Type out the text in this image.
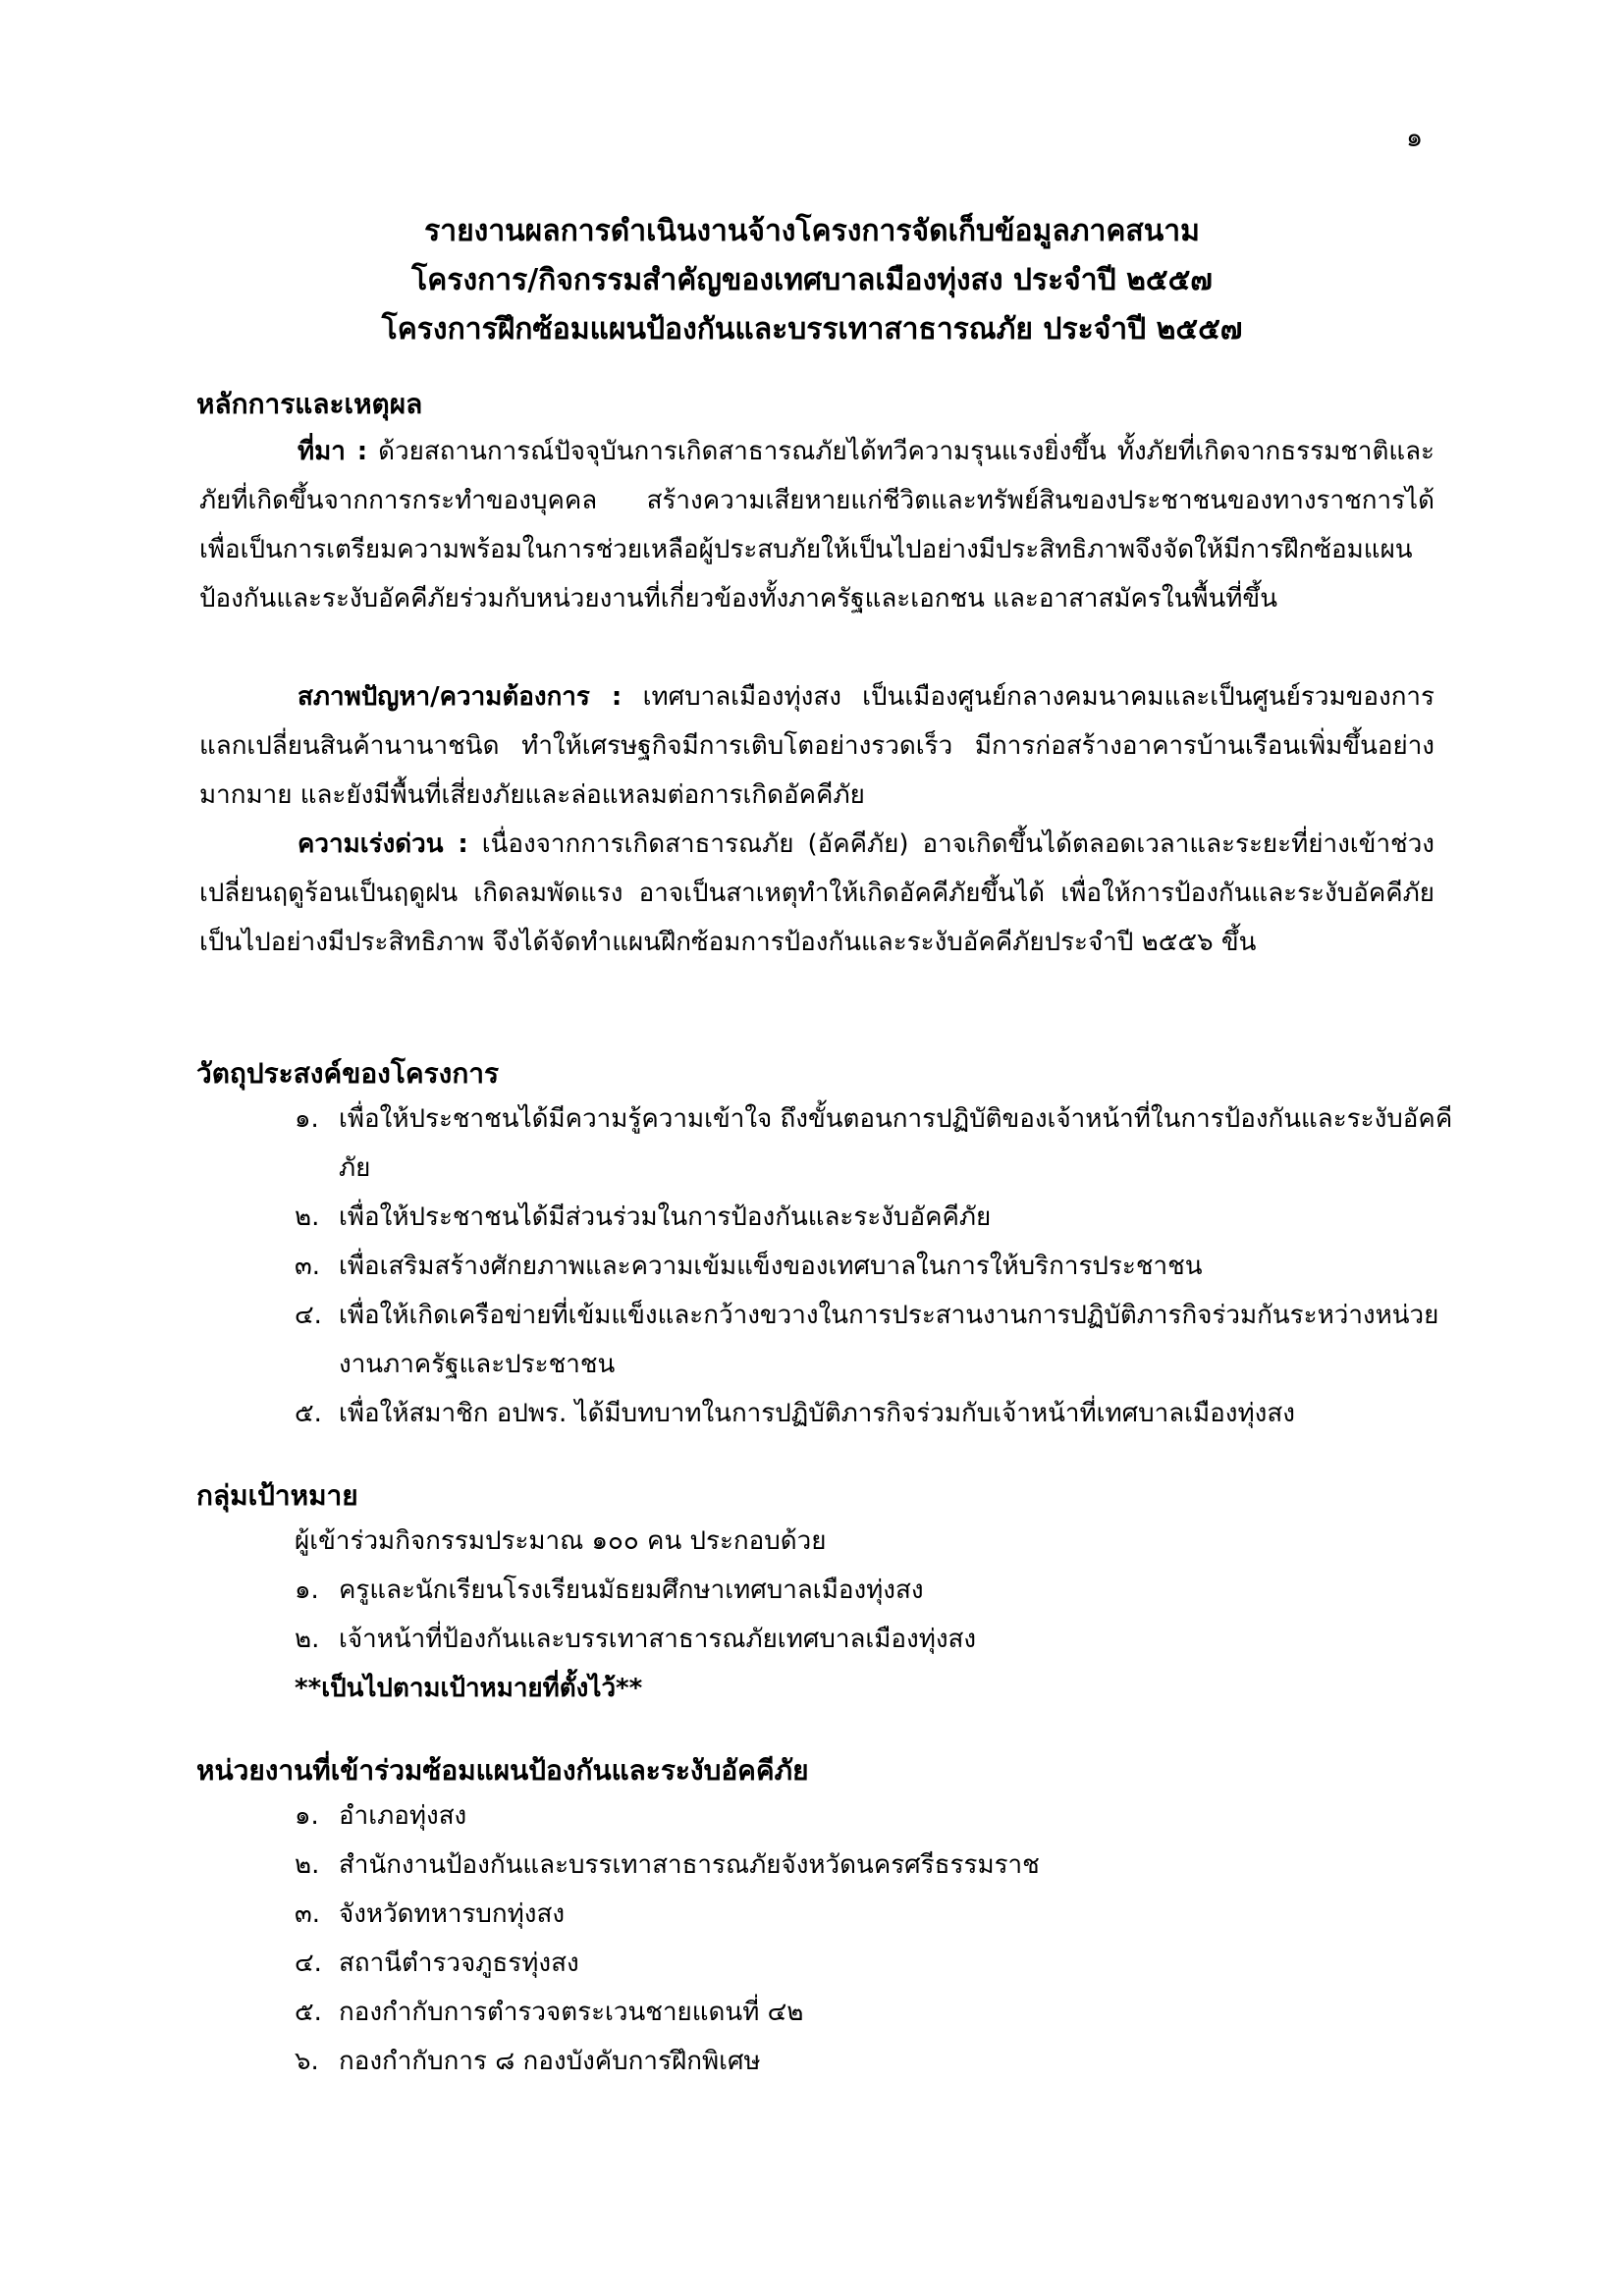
๑
รายงานผลการดำเนินงานจ้างโครงการจัดเก็บข้อมูลภาคสนาม
โครงการ/กิจกรรมสำคัญของเทศบาลเมืองทุ่งสง ประจำปี ๒๕๕๗
โครงการฝึกซ้อมแผนป้องกันและบรรเทาสาธารณภัย ประจำปี ๒๕๕๗
หลักการและเหตุผล
ที่มา : ด้วยสถานการณ์ปัจจุบันการเกิดสาธารณภัยได้ทวีความรุนแรงยิ่งขึ้น ทั้งภัยที่เกิดจากธรรมชาติและภัยที่เกิดขึ้นจากการกระทำของบุคคล สร้างความเสียหายแก่ชีวิตและทรัพย์สินของประชาชนของทางราชการได้ เพื่อเป็นการเตรียมความพร้อมในการช่วยเหลือผู้ประสบภัยให้เป็นไปอย่างมีประสิทธิภาพจึงจัดให้มีการฝึกซ้อมแผนป้องกันและระงับอัคคีภัยร่วมกับหน่วยงานที่เกี่ยวข้องทั้งภาครัฐและเอกชน และอาสาสมัครในพื้นที่ขึ้น
สภาพปัญหา/ความต้องการ : เทศบาลเมืองทุ่งสง เป็นเมืองศูนย์กลางคมนาคมและเป็นศูนย์รวมของการแลกเปลี่ยนสินค้านานาชนิด ทำให้เศรษฐกิจมีการเติบโตอย่างรวดเร็ว มีการก่อสร้างอาคารบ้านเรือนเพิ่มขึ้นอย่างมากมาย และยังมีพื้นที่เสี่ยงภัยและล่อแหลมต่อการเกิดอัคคีภัย
ความเร่งด่วน : เนื่องจากการเกิดสาธารณภัย (อัคคีภัย) อาจเกิดขึ้นได้ตลอดเวลาและระยะที่ย่างเข้าช่วงเปลี่ยนฤดูร้อนเป็นฤดูฝน เกิดลมพัดแรง อาจเป็นสาเหตุทำให้เกิดอัคคีภัยขึ้นได้ เพื่อให้การป้องกันและระงับอัคคีภัยเป็นไปอย่างมีประสิทธิภาพ จึงได้จัดทำแผนฝึกซ้อมการป้องกันและระงับอัคคีภัยประจำปี ๒๕๕๖ ขึ้น
วัตถุประสงค์ของโครงการ
๑. เพื่อให้ประชาชนได้มีความรู้ความเข้าใจ ถึงขั้นตอนการปฏิบัติของเจ้าหน้าที่ในการป้องกันและระงับอัคคีภัย
๒. เพื่อให้ประชาชนได้มีส่วนร่วมในการป้องกันและระงับอัคคีภัย
๓. เพื่อเสริมสร้างศักยภาพและความเข้มแข็งของเทศบาลในการให้บริการประชาชน
๔. เพื่อให้เกิดเครือข่ายที่เข้มแข็งและกว้างขวางในการประสานงานการปฏิบัติภารกิจร่วมกันระหว่างหน่วยงานภาครัฐและประชาชน
๕. เพื่อให้สมาชิก อปพร. ได้มีบทบาทในการปฏิบัติภารกิจร่วมกับเจ้าหน้าที่เทศบาลเมืองทุ่งสง
กลุ่มเป้าหมาย
ผู้เข้าร่วมกิจกรรมประมาณ ๑๐๐ คน ประกอบด้วย
๑. ครูและนักเรียนโรงเรียนมัธยมศึกษาเทศบาลเมืองทุ่งสง
๒. เจ้าหน้าที่ป้องกันและบรรเทาสาธารณภัยเทศบาลเมืองทุ่งสง
**เป็นไปตามเป้าหมายที่ตั้งไว้**
หน่วยงานที่เข้าร่วมซ้อมแผนป้องกันและระงับอัคคีภัย
๑. อำเภอทุ่งสง
๒. สำนักงานป้องกันและบรรเทาสาธารณภัยจังหวัดนครศรีธรรมราช
๓. จังหวัดทหารบกทุ่งสง
๔. สถานีตำรวจภูธรทุ่งสง
๕. กองกำกับการตำรวจตระเวนชายแดนที่ ๔๒
๖. กองกำกับการ ๘ กองบังคับการฝึกพิเศษ
